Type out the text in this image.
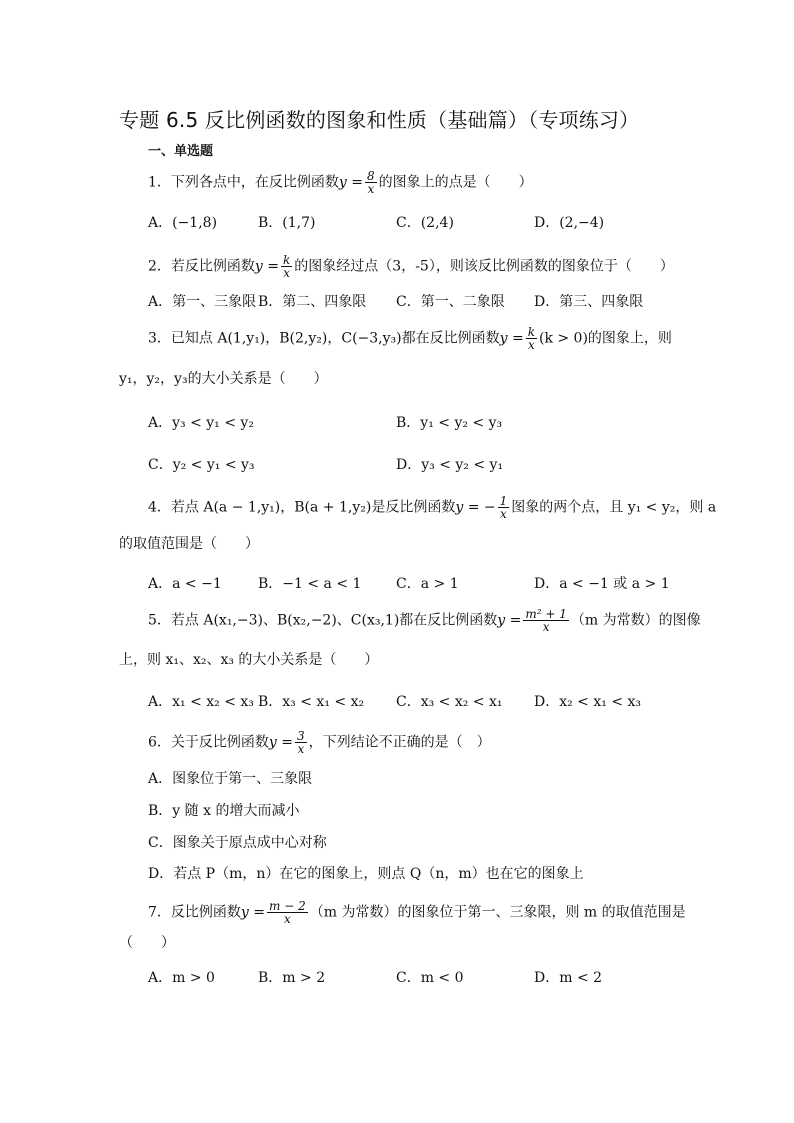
专题 6.5 反比例函数的图象和性质（基础篇）（专项练习）
一、单选题
1．下列各点中，在反比例函数$y = \frac{8}{x}$ 的图象上的点是（　　）
A．(−1,8)	B．(1,7)	C．(2,4)	D．(2,−4)
2．若反比例函数$y = \frac{k}{x}$ 的图象经过点（3，-5），则该反比例函数的图象位于（　　）
A．第一、三象限 B．第二、四象限 C．第一、二象限 D．第三、四象限
3．已知点 A(1,y₁)，B(2,y₂)，C(−3,y₃)都在反比例函数$y = \frac{k}{x} (k > 0)$的图象上，则
y₁，y₂，y₃的大小关系是（　　）
A．y₃ < y₁ < y₂	B．y₁ < y₂ < y₃
C．y₂ < y₁ < y₃	D．y₃ < y₂ < y₁
4．若点 A(a − 1,y₁)，B(a + 1,y₂)是反比例函数y = − $\frac{1}{x}$ 图象的两个点，且 y₁ < y₂，则 a
的取值范围是（　　）
A．a < −1	B．−1 < a < 1 C．a > 1	D．a < −1 或 a > 1
5．若点 A(x₁,−3)、B(x₂,−2)、C(x₃,1)都在反比例函数$y = \frac{\text{m² + 1}}{x} (m$ 为常数）的图像
上，则 x₁、x₂、x₃ 的大小关系是（　　）
A．x₁ < x₂ < x₃ B．x₃ < x₁ < x₂ C．x₃ < x₂ < x₁ D．x₂ < x₁ < x₃
6．关于反比例函数$y = \frac{3}{x}$ ，下列结论不正确的是（　）
A．图象位于第一、三象限
B．y 随 x 的增大而减小
C．图象关于原点成中心对称
D．若点 P（m，n）在它的图象上，则点 Q（n，m）也在它的图象上
7．反比例函数$y = \frac{m - 2}{x} (m$ 为常数）的图象位于第一、三象限，则 m 的取值范围是
（　　）
A．m > 0	B．m > 2	C．m < 0	D．m < 2
